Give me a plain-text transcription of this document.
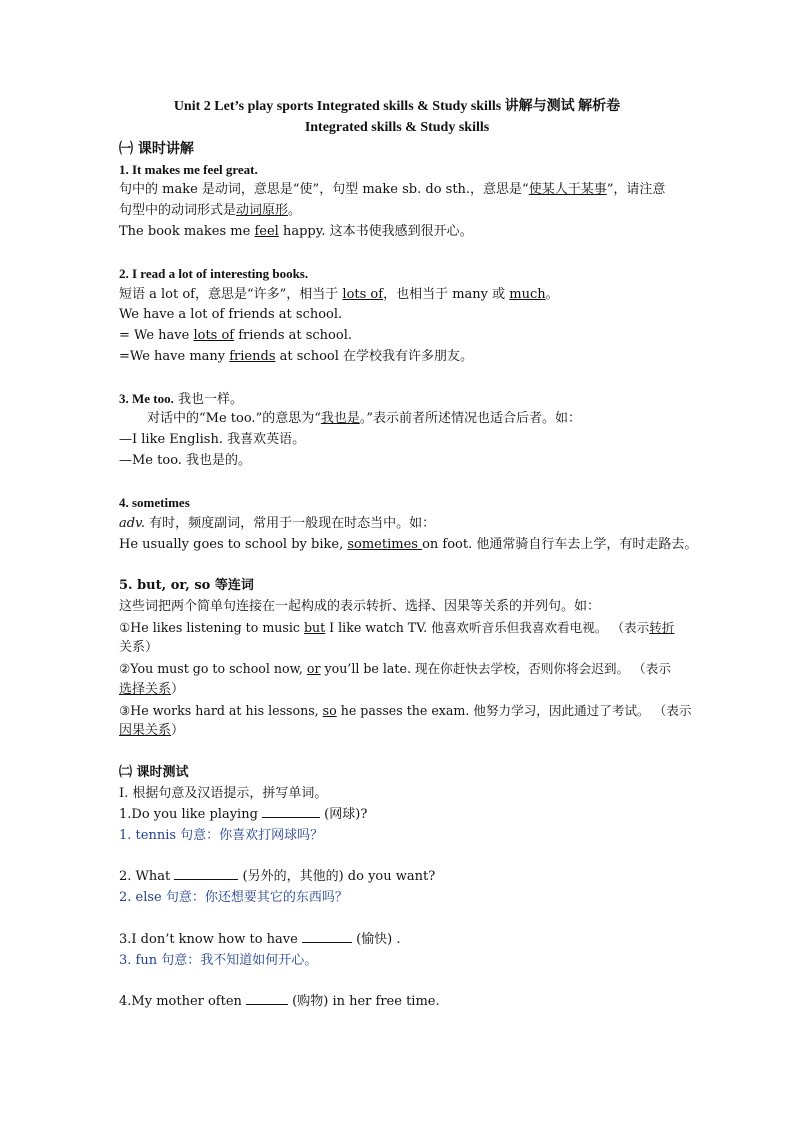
Unit 2 Let’s play sports Integrated skills & Study skills 讲解与测试 解析卷
Integrated skills & Study skills
㈠ 课时讲解
1. It makes me feel great.
句中的 make 是动词，意思是“使”，句型 make sb. do sth.，意思是“使某人干某事”，请注意
句型中的动词形式是动词原形。
The book makes me feel happy. 这本书使我感到很开心。
2. I read a lot of interesting books.
短语 a lot of，意思是“许多”，相当于 lots of，也相当于 many 或 much。
We have a lot of friends at school.
= We have lots of friends at school.
=We have many friends at school 在学校我有许多朋友。
3. Me too. 我也一样。
对话中的“Me too.”的意思为“我也是。”表示前者所述情况也适合后者。如：
—I like English. 我喜欢英语。
—Me too. 我也是的。
4. sometimes
adv. 有时，频度副词，常用于一般现在时态当中。如：
He usually goes to school by bike, sometimes on foot. 他通常骑自行车去上学，有时走路去。
5. but, or, so 等连词
这些词把两个简单句连接在一起构成的表示转折、选择、因果等关系的并列句。如：
①He likes listening to music but I like watch TV. 他喜欢听音乐但我喜欢看电视。 （表示转折
关系）
②You must go to school now, or you’ll be late. 现在你赶快去学校，否则你将会迟到。 （表示
选择关系）
③He works hard at his lessons, so he passes the exam. 他努力学习，因此通过了考试。 （表示
因果关系）
㈡ 课时测试
I. 根据句意及汉语提示，拼写单词。
1.Do you like playing	(网球)?
1. tennis 句意：你喜欢打网球吗？
2. What	(另外的，其他的) do you want?
2. else 句意：你还想要其它的东西吗？
3.I don’t know how to have	(愉快) .
3. fun 句意：我不知道如何开心。
4.My mother often	(购物) in her free time.
